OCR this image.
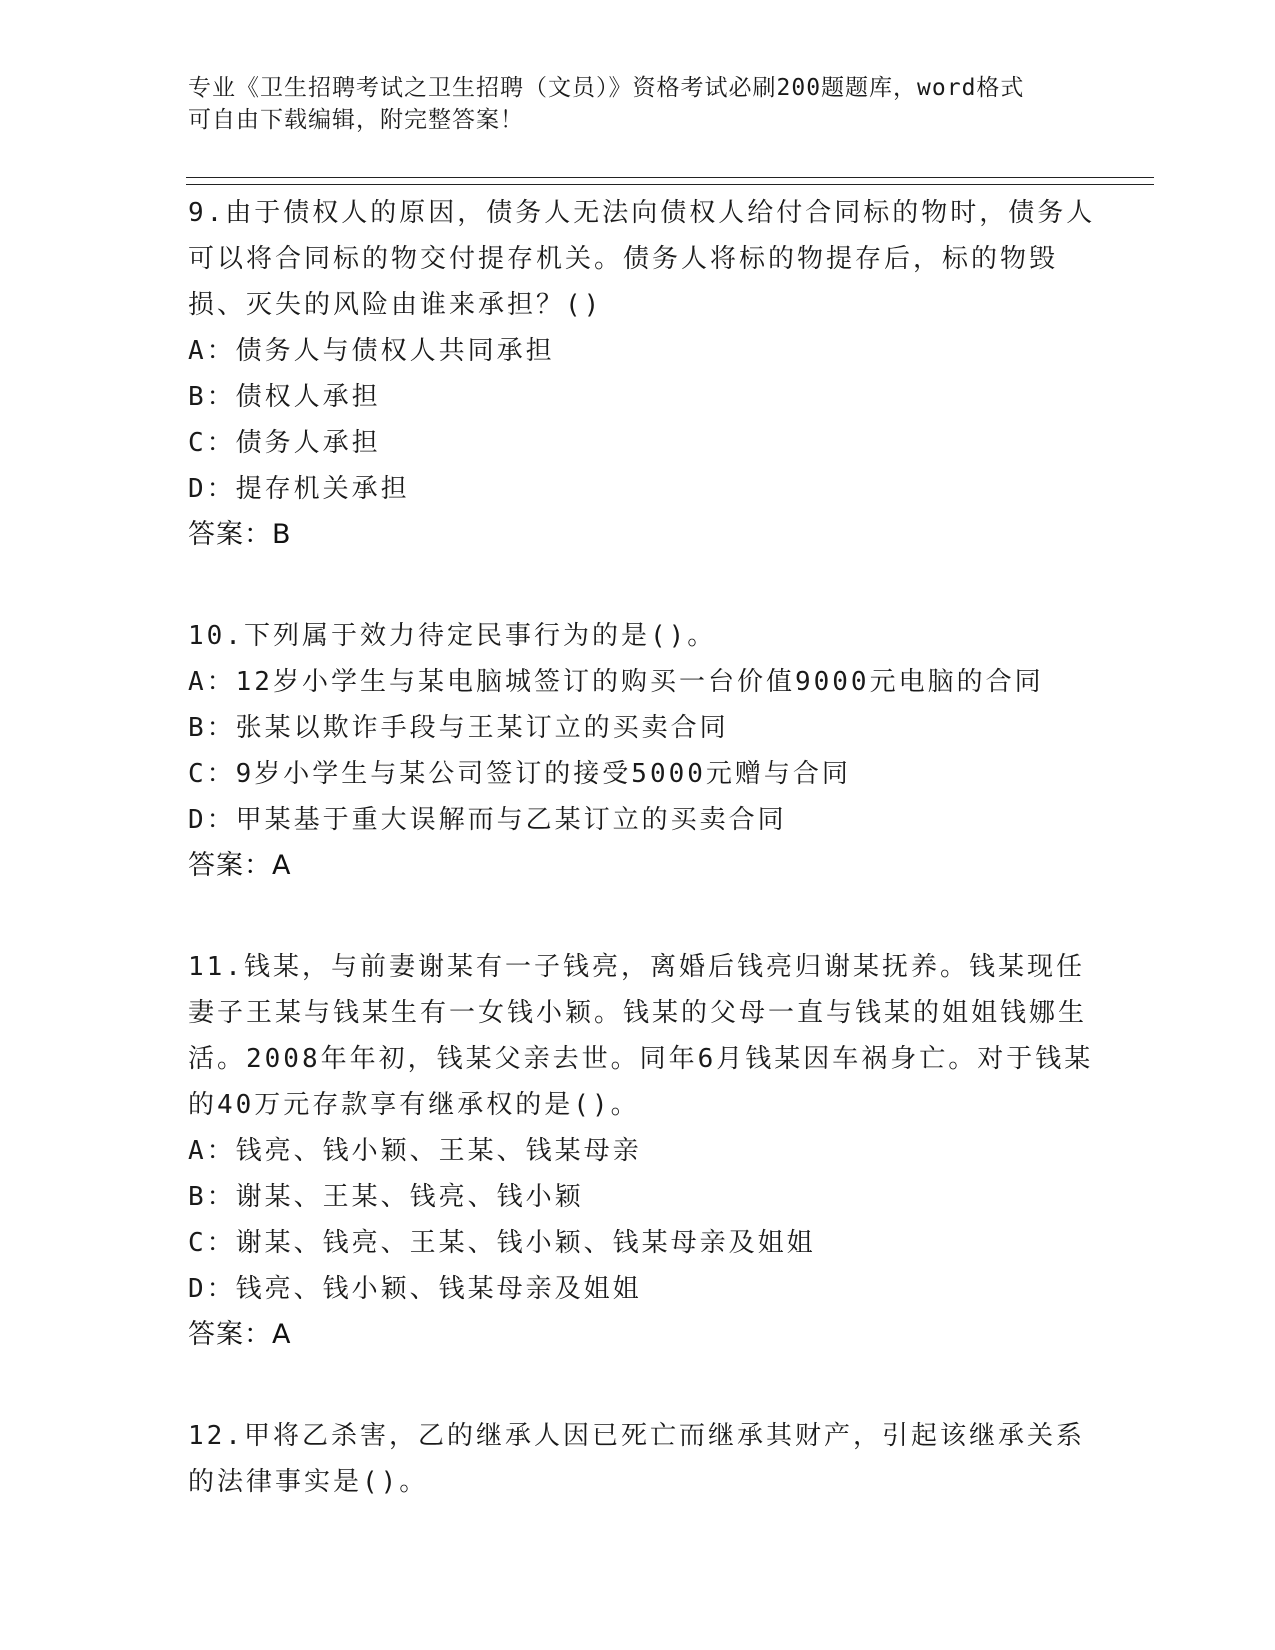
专业《卫生招聘考试之卫生招聘（文员）》资格考试必刷200题题库，word格式
可自由下载编辑，附完整答案！
9.由于债权人的原因，债务人无法向债权人给付合同标的物时，债务人可以将合同标的物交付提存机关。债务人将标的物提存后，标的物毁损、灭失的风险由谁来承担？()
A：债务人与债权人共同承担
B：债权人承担
C：债务人承担
D：提存机关承担
答案：B
10.下列属于效力待定民事行为的是()。
A：12岁小学生与某电脑城签订的购买一台价值9000元电脑的合同
B：张某以欺诈手段与王某订立的买卖合同
C：9岁小学生与某公司签订的接受5000元赠与合同
D：甲某基于重大误解而与乙某订立的买卖合同
答案：A
11.钱某，与前妻谢某有一子钱亮，离婚后钱亮归谢某抚养。钱某现任妻子王某与钱某生有一女钱小颖。钱某的父母一直与钱某的姐姐钱娜生活。2008年年初，钱某父亲去世。同年6月钱某因车祸身亡。对于钱某的40万元存款享有继承权的是()。
A：钱亮、钱小颖、王某、钱某母亲
B：谢某、王某、钱亮、钱小颖
C：谢某、钱亮、王某、钱小颖、钱某母亲及姐姐
D：钱亮、钱小颖、钱某母亲及姐姐
答案：A
12.甲将乙杀害，乙的继承人因已死亡而继承其财产，引起该继承关系的法律事实是()。
